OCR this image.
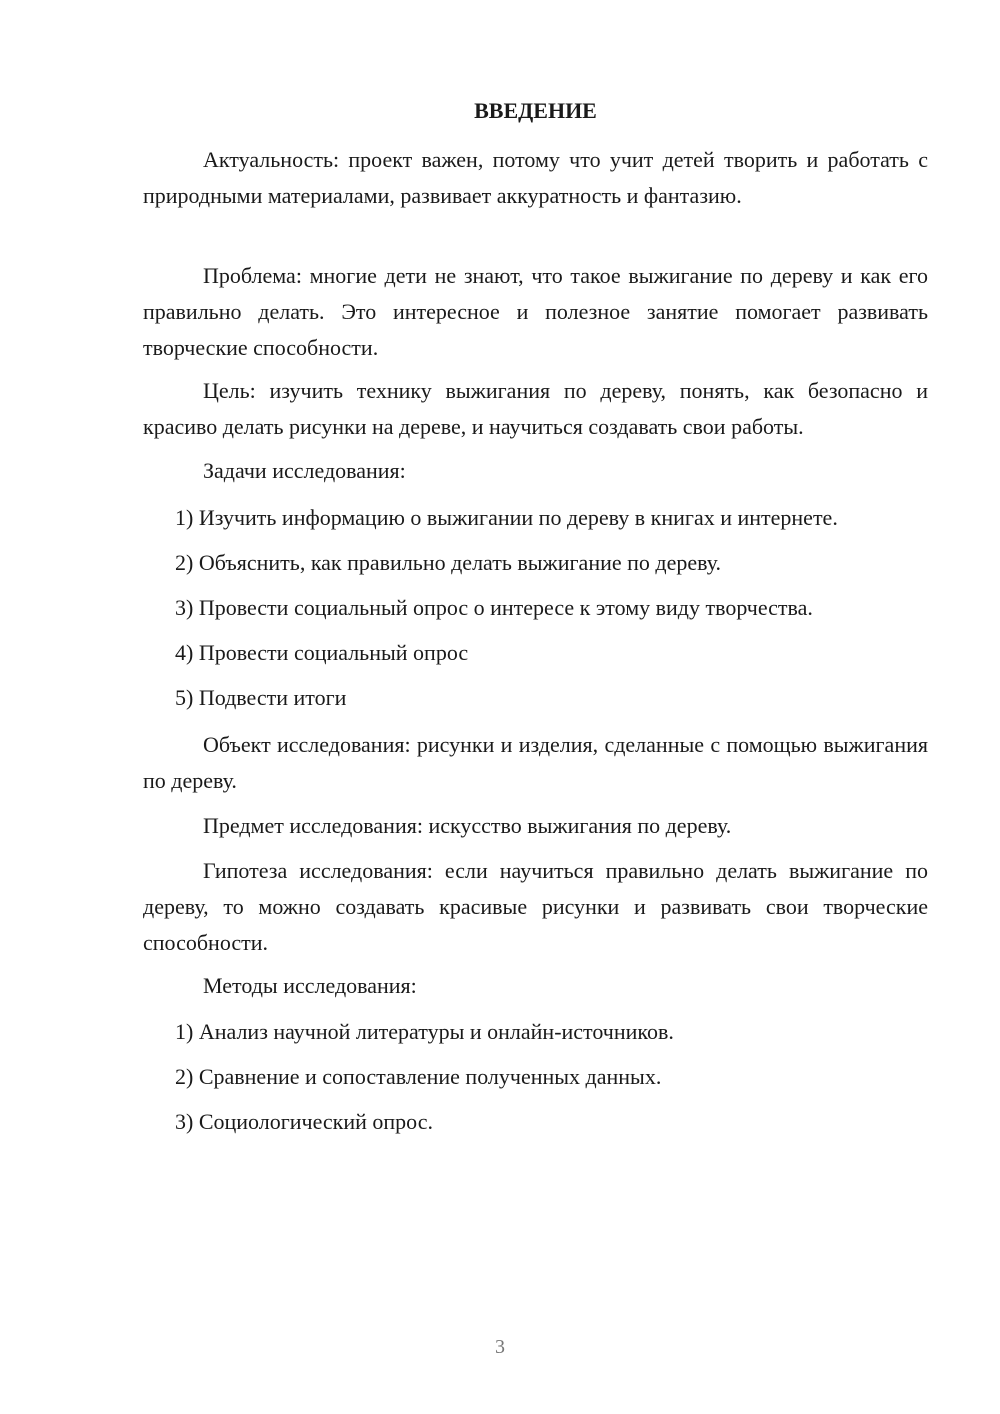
ВВЕДЕНИЕ

Актуальность: проект важен, потому что учит детей творить и работать с природными материалами, развивает аккуратность и фантазию.

Проблема: многие дети не знают, что такое выжигание по дереву и как его правильно делать. Это интересное и полезное занятие помогает развивать творческие способности.

Цель: изучить технику выжигания по дереву, понять, как безопасно и красиво делать рисунки на дереве, и научиться создавать свои работы.

Задачи исследования:

1) Изучить информацию о выжигании по дереву в книгах и интернете.

2) Объяснить, как правильно делать выжигание по дереву.

3) Провести социальный опрос о интересе к этому виду творчества.

4) Провести социальный опрос

5) Подвести итоги

Объект исследования: рисунки и изделия, сделанные с помощью выжигания по дереву.

Предмет исследования: искусство выжигания по дереву.

Гипотеза исследования: если научиться правильно делать выжигание по дереву, то можно создавать красивые рисунки и развивать свои творческие способности.

Методы исследования:

1) Анализ научной литературы и онлайн-источников.

2) Сравнение и сопоставление полученных данных.

3) Социологический опрос.

3
